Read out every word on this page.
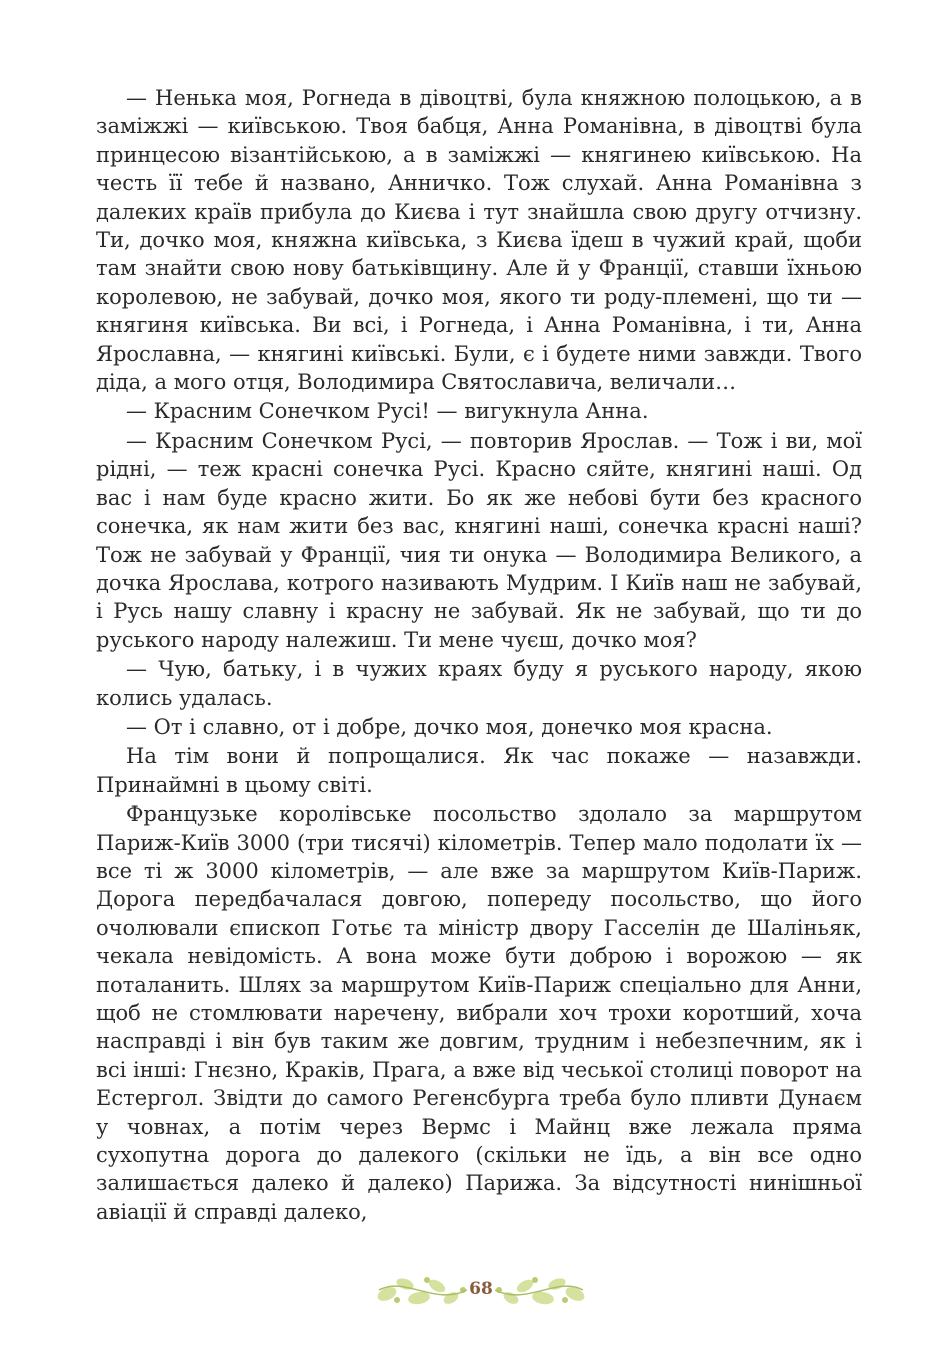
— Ненька моя, Рогнеда в дівоцтві, була княжною полоцькою, а в заміжжі — київською. Твоя бабця, Анна Романівна, в дівоцтві була принцесою візантійською, а в заміжжі — княгинею київською. На честь її тебе й названо, Анничко. Тож слухай. Анна Романівна з далеких країв прибула до Києва і тут знайшла свою другу отчизну. Ти, дочко моя, княжна київська, з Києва їдеш в чужий край, щоби там знайти свою нову батьківщину. Але й у Франції, ставши їхньою королевою, не забувай, дочко моя, якого ти роду-племені, що ти — княгиня київська. Ви всі, і Рогнеда, і Анна Романівна, і ти, Анна Ярославна, — княгині київські. Були, є і будете ними завжди. Твого діда, а мого отця, Володимира Святославича, величали…

— Красним Сонечком Русі! — вигукнула Анна.

— Красним Сонечком Русі, — повторив Ярослав. — Тож і ви, мої рідні, — теж красні сонечка Русі. Красно сяйте, княгині наші. Од вас і нам буде красно жити. Бо як же небові бути без красного сонечка, як нам жити без вас, княгині наші, сонечка красні наші? Тож не забувай у Франції, чия ти онука — Володимира Великого, а дочка Ярослава, котрого називають Мудрим. І Київ наш не забувай, і Русь нашу славну і красну не забувай. Як не забувай, що ти до руського народу належиш. Ти мене чуєш, дочко моя?

— Чую, батьку, і в чужих краях буду я руського народу, якою колись удалась.

— От і славно, от і добре, дочко моя, донечко моя красна.

На тім вони й попрощалися. Як час покаже — назавжди. Принаймні в цьому світі.

Французьке королівське посольство здолало за маршрутом Париж-Київ 3000 (три тисячі) кілометрів. Тепер мало подолати їх — все ті ж 3000 кілометрів, — але вже за маршрутом Київ-Париж. Дорога передбачалася довгою, попереду посольство, що його очолювали єпископ Готьє та міністр двору Гасселін де Шаліньяк, чекала невідомість. А вона може бути доброю і ворожою — як поталанить. Шлях за маршрутом Київ-Париж спеціально для Анни, щоб не стомлювати наречену, вибрали хоч трохи коротший, хоча насправді і він був таким же довгим, трудним і небезпечним, як і всі інші: Гнєзно, Краків, Прага, а вже від чеської столиці поворот на Естергол. Звідти до самого Регенсбурга треба було пливти Дунаєм у човнах, а потім через Вермс і Майнц вже лежала пряма сухопутна дорога до далекого (скільки не їдь, а він все одно залишається далеко й далеко) Парижа. За відсутності нинішньої авіації й справді далеко,

68
